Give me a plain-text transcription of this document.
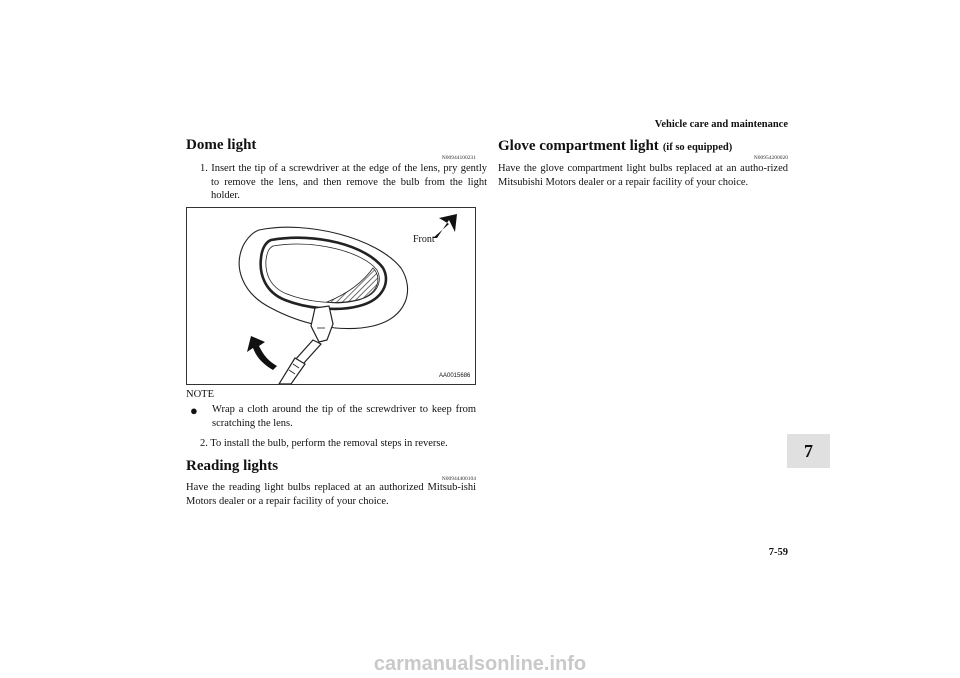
Vehicle care and maintenance
Dome light
N00944100231
1. Insert the tip of a screwdriver at the edge of the lens, pry gently to remove the lens, and then remove the bulb from the light holder.
Front
AA0015686
NOTE
● Wrap a cloth around the tip of the screwdriver to keep from scratching the lens.
2. To install the bulb, perform the removal steps in reverse.
Reading lights
N00944400104
Have the reading light bulbs replaced at an authorized Mitsub-ishi Motors dealer or a repair facility of your choice.
Glove compartment light (if so equipped)
N00954200020
Have the glove compartment light bulbs replaced at an autho-rized Mitsubishi Motors dealer or a repair facility of your choice.
7
7-59
carmanualsonline.info
